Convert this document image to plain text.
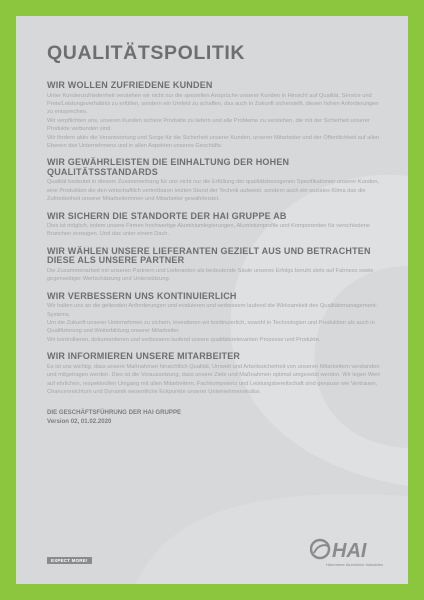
QUALITÄTSPOLITIK
WIR WOLLEN ZUFRIEDENE KUNDEN

Unter Kundenzufriedenheit verstehen wir nicht nur die speziellen Ansprüche unserer Kunden in Hinsicht auf Qualität, Service und Preis/Leistungsverhältnis zu erfüllen, sondern ein Umfeld zu schaffen, das auch in Zukunft sicherstellt, diesen hohen Anforderungen zu entsprechen.

Wir verpflichten uns, unseren Kunden sichere Produkte zu liefern und alle Probleme zu verstehen, die mit der Sicherheit unserer Produkte verbunden sind.

Wir fördern aktiv die Verantwortung und Sorge für die Sicherheit unserer Kunden, unserer Mitarbeiter und der Öffentlichkeit auf allen Ebenen des Unternehmens und in allen Aspekten unseres Geschäfts.

WIR GEWÄHRLEISTEN DIE EINHALTUNG DER HOHEN QUALITÄTSSTANDARDS

Qualität bedeutet in diesem Zusammenhang für uns nicht nur die Erfüllung der qualitätsbezogenen Spezifikationen unserer Kunden, eine Produktion die den wirtschaftlich vertretbaren letzten Stand der Technik aufweist, sondern auch ein soziales Klima das die Zufriedenheit unserer Mitarbeiterinnen und Mitarbeiter gewährleistet.

WIR SICHERN DIE STANDORTE DER HAI GRUPPE AB

Dies ist möglich, indem unsere Firmen hochwertige Aluminiumlegierungen, Aluminiumprofile und Komponenten für verschiedene Branchen erzeugen. Und das unter einem Dach.

WIR WÄHLEN UNSERE LIEFERANTEN GEZIELT AUS UND BETRACHTEN DIESE ALS UNSERE PARTNER

Die Zusammenarbeit mit unseren Partnern und Lieferanten als bedeutende Säule unseres Erfolgs beruht stets auf Fairness sowie gegenseitiger Wertschätzung und Unterstützung.

WIR VERBESSERN UNS KONTINUIERLICH

Wir halten uns an die geltenden Anforderungen und evaluieren und verbessern laufend die Wirksamkeit des Qualitätsmanagement-Systems.

Um die Zukunft unserer Unternehmen zu sichern, investieren wir kontinuierlich, sowohl in Technologien und Produktion als auch in Qualifizierung und Weiterbildung unserer Mitarbeiter.

Wir kontrollieren, dokumentieren und verbessern laufend unsere qualitätsrelevanten Prozesse und Produkte.

WIR INFORMIEREN UNSERE MITARBEITER

Es ist uns wichtig, dass unsere Maßnahmen hinsichtlich Qualität, Umwelt und Arbeitssicherheit von unseren Mitarbeitern verstanden und mitgetragen werden. Dies ist die Voraussetzung, dass unsere Ziele und Maßnahmen optimal umgesetzt werden. Wir legen Wert auf ehrlichen, respektvollen Umgang mit allen Mitarbeitern, Fachkompetenz und Leistungsbereitschaft sind genauso wie Vertrauen, Chancenreichtum und Dynamik wesentliche Eckpunkte unserer Unternehmenskultur.

DIE GESCHÄFTSFÜHRUNG DER HAI GRUPPE
Version 02, 01.02.2020
EXPECT MORE!	HAI
Hammerer Aluminium Industries
